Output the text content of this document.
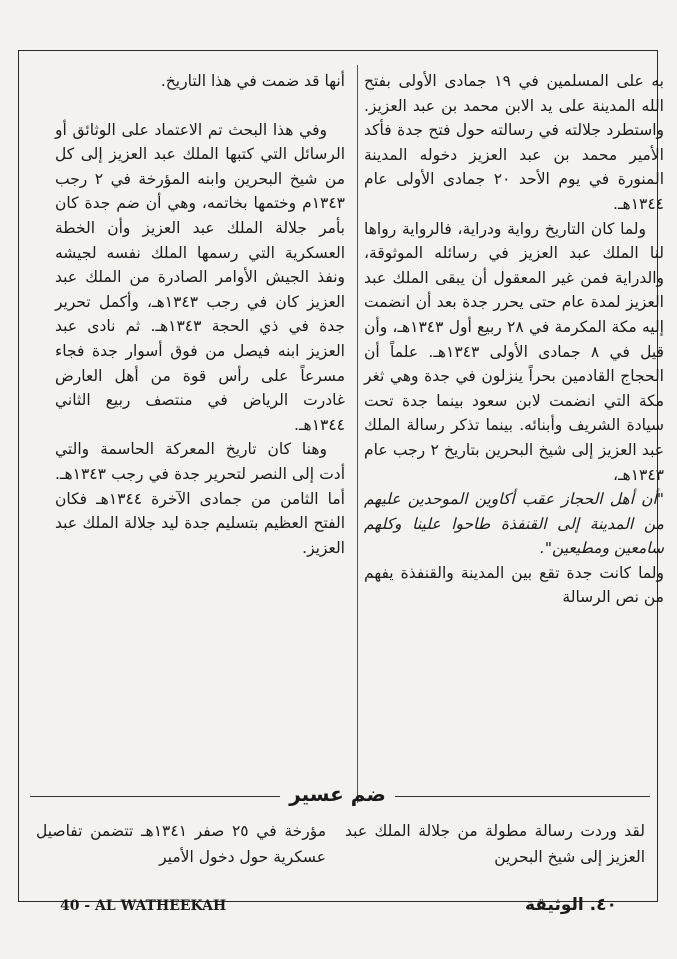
به على المسلمين في ١٩ جمادى الأولى بفتح الله المدينة على يد الابن محمد بن عبد العزيز. واستطرد جلالته في رسالته حول فتح جدة فأكد الأمير محمد بن عبد العزيز دخوله المدينة المنورة في يوم الأحد ٢٠ جمادى الأولى عام ١٣٤٤هـ.

ولما كان التاريخ رواية ودراية، فالرواية رواها لنا الملك عبد العزيز في رسائله الموثوقة، والدراية فمن غير المعقول أن يبقى الملك عبد العزيز لمدة عام حتى يحرر جدة بعد أن انضمت إليه مكة المكرمة في ٢٨ ربيع أول ١٣٤٣هـ، وأن قيل في ٨ جمادى الأولى ١٣٤٣هـ. علماً أن الحجاج القادمين بحراً ينزلون في جدة وهي ثغر مكة التي انضمت لابن سعود بينما جدة تحت سيادة الشريف وأبنائه. بينما تذكر رسالة الملك عبد العزيز إلى شيخ البحرين بتاريخ ٢ رجب عام ١٣٤٣هـ،

"أن أهل الحجاز عقب أكاوين الموحدين عليهم من المدينة إلى القنفذة طاحوا علينا وكلهم سامعين ومطيعين".

ولما كانت جدة تقع بين المدينة والقنفذة يفهم من نص الرسالة

أنها قد ضمت في هذا التاريخ.

وفي هذا البحث تم الاعتماد على الوثائق أو الرسائل التي كتبها الملك عبد العزيز إلى كل من شيخ البحرين وابنه المؤرخة في ٢ رجب ١٣٤٣م وختمها بخاتمه، وهي أن ضم جدة كان بأمر جلالة الملك عبد العزيز وأن الخطة العسكرية التي رسمها الملك نفسه لجيشه ونفذ الجيش الأوامر الصادرة من الملك عبد العزيز كان في رجب ١٣٤٣هـ، وأكمل تحرير جدة في ذي الحجة ١٣٤٣هـ. ثم نادى عبد العزيز ابنه فيصل من فوق أسوار جدة فجاء مسرعاً على رأس قوة من أهل العارض غادرت الرياض في منتصف ربيع الثاني ١٣٤٤هـ.

وهنا كان تاريخ المعركة الحاسمة والتي أدت إلى النصر لتحرير جدة في رجب ١٣٤٣هـ. أما الثامن من جمادى الآخرة ١٣٤٤هـ فكان الفتح العظيم بتسليم جدة ليد جلالة الملك عبد العزيز.

ضم عسير

لقد وردت رسالة مطولة من جلالة الملك عبد العزيز إلى شيخ البحرين

مؤرخة في ٢٥ صفر ١٣٤١هـ تتضمن تفاصيل عسكرية حول دخول الأمير

40 - AL WATHEEKAH	٤٠. الوثيقة
